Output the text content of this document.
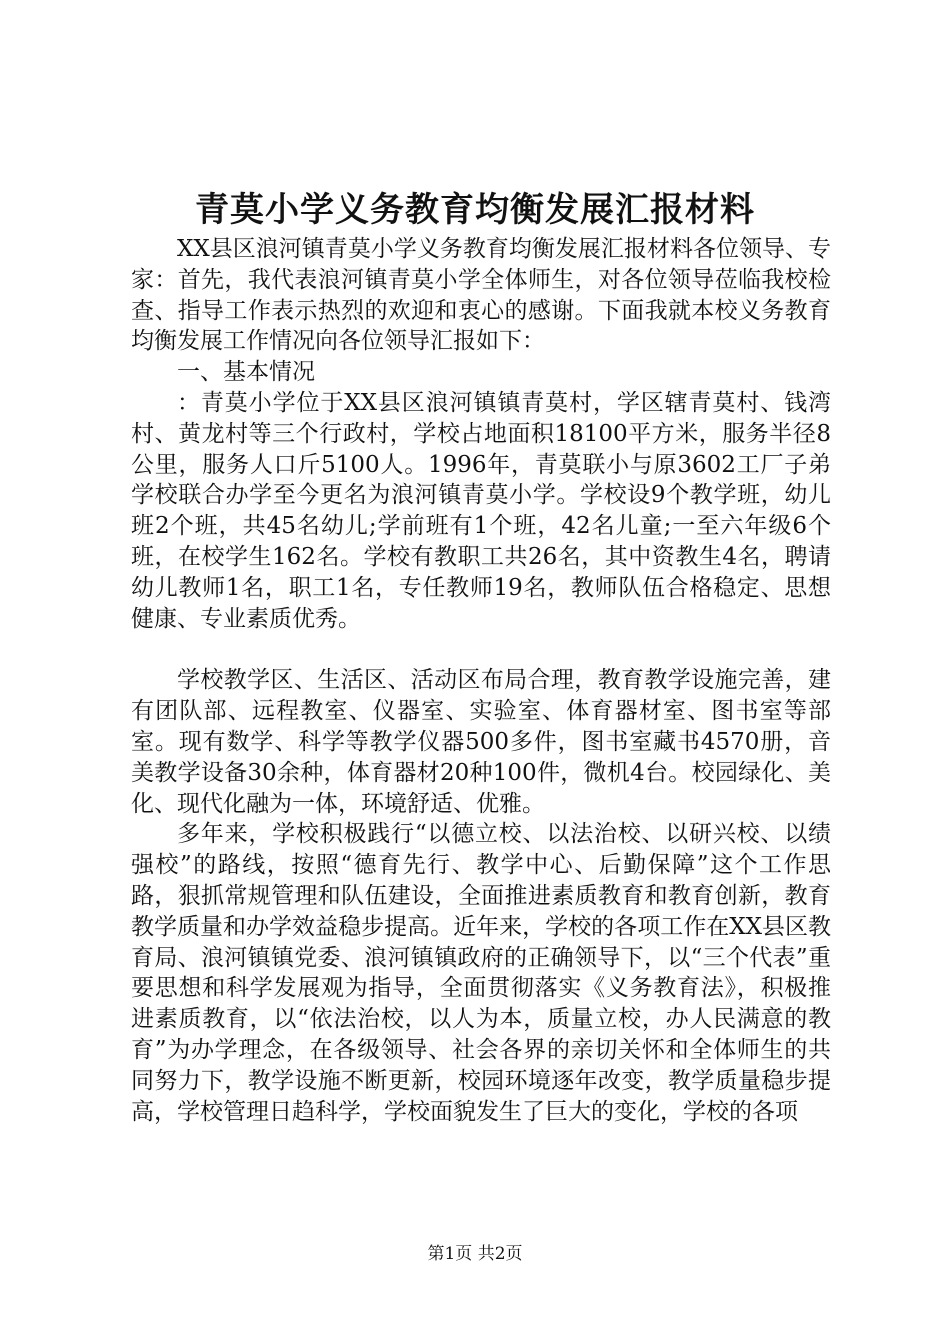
青莫小学义务教育均衡发展汇报材料

XX县区浪河镇青莫小学义务教育均衡发展汇报材料各位领导、专家：首先，我代表浪河镇青莫小学全体师生，对各位领导莅临我校检查、指导工作表示热烈的欢迎和衷心的感谢。下面我就本校义务教育均衡发展工作情况向各位领导汇报如下：

一、基本情况

：青莫小学位于XX县区浪河镇镇青莫村，学区辖青莫村、钱湾村、黄龙村等三个行政村，学校占地面积18100平方米，服务半径8公里，服务人口斤5100人。1996年，青莫联小与原3602工厂子弟学校联合办学至今更名为浪河镇青莫小学。学校设9个教学班，幼儿班2个班，共45名幼儿;学前班有1个班，42名儿童;一至六年级6个班，在校学生162名。学校有教职工共26名，其中资教生4名，聘请幼儿教师1名，职工1名，专任教师19名，教师队伍合格稳定、思想健康、专业素质优秀。

学校教学区、生活区、活动区布局合理，教育教学设施完善，建有团队部、远程教室、仪器室、实验室、体育器材室、图书室等部室。现有数学、科学等教学仪器500多件，图书室藏书4570册，音美教学设备30余种，体育器材20种100件，微机4台。校园绿化、美化、现代化融为一体，环境舒适、优雅。

多年来，学校积极践行“以德立校、以法治校、以研兴校、以绩强校”的路线，按照“德育先行、教学中心、后勤保障”这个工作思路，狠抓常规管理和队伍建设，全面推进素质教育和教育创新，教育教学质量和办学效益稳步提高。近年来，学校的各项工作在XX县区教育局、浪河镇镇党委、浪河镇镇政府的正确领导下，以“三个代表”重要思想和科学发展观为指导，全面贯彻落实《义务教育法》，积极推进素质教育，以“依法治校，以人为本，质量立校，办人民满意的教育”为办学理念，在各级领导、社会各界的亲切关怀和全体师生的共同努力下，教学设施不断更新，校园环境逐年改变，教学质量稳步提高，学校管理日趋科学，学校面貌发生了巨大的变化，学校的各项

第1页 共2页
